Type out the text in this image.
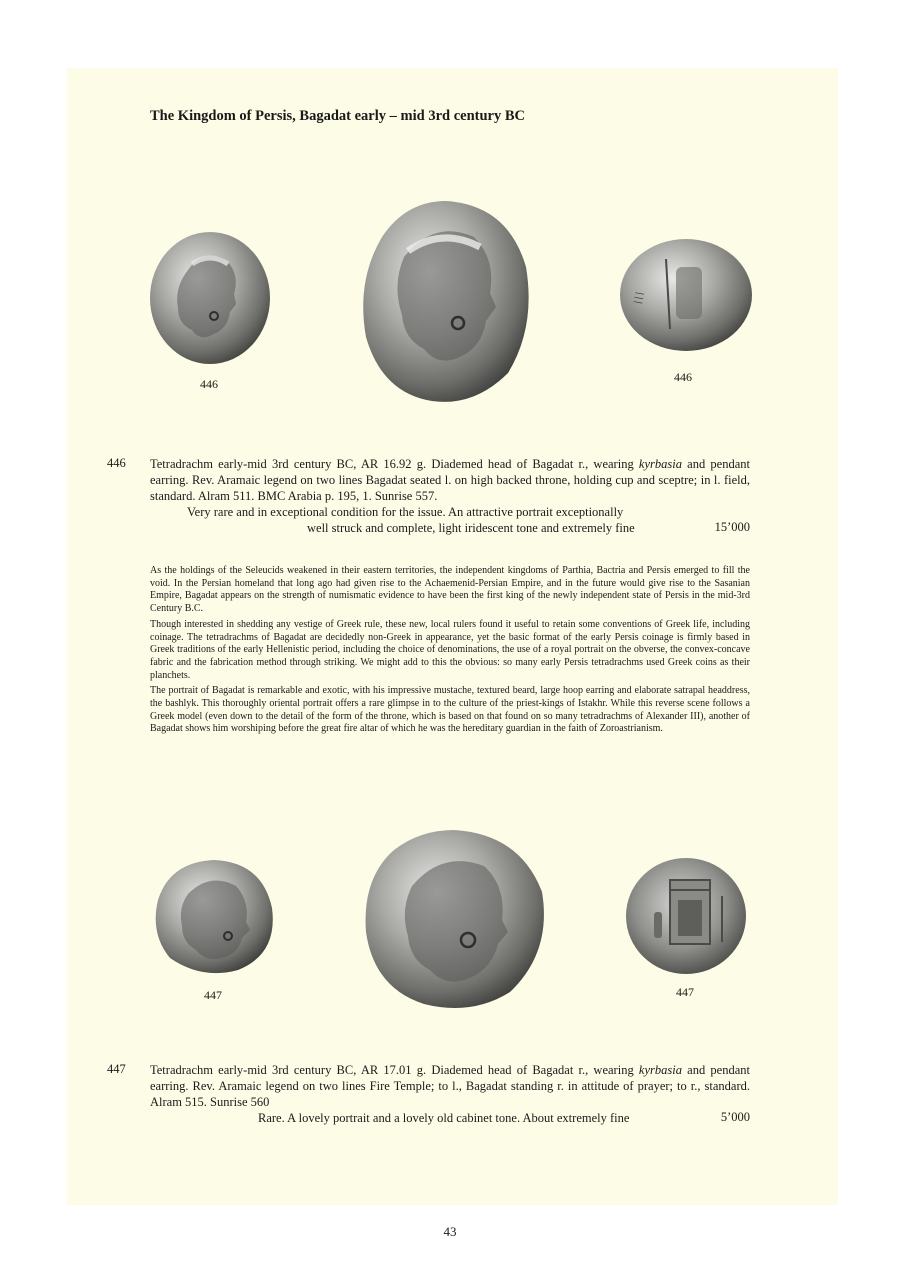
The Kingdom of Persis, Bagadat early – mid 3rd century BC
446
∣∣∣
446
446 Tetradrachm early-mid 3rd century BC, AR 16.92 g. Diademed head of Bagadat r., wearing kyrbasia and pendant earring. Rev. Aramaic legend on two lines Bagadat seated l. on high backed throne, holding cup and sceptre; in l. field, standard. Alram 511. BMC Arabia p. 195, 1. Sunrise 557.
Very rare and in exceptional condition for the issue. An attractive portrait exceptionally
well struck and complete, light iridescent tone and extremely fine	15’000

As the holdings of the Seleucids weakened in their eastern territories, the independent kingdoms of Parthia, Bactria and Persis emerged to fill the void. In the Persian homeland that long ago had given rise to the Achaemenid-Persian Empire, and in the future would give rise to the Sasanian Empire, Bagadat appears on the strength of numismatic evidence to have been the first king of the newly independent state of Persis in the mid-3rd Century B.C.

Though interested in shedding any vestige of Greek rule, these new, local rulers found it useful to retain some conventions of Greek life, including coinage. The tetradrachms of Bagadat are decidedly non-Greek in appearance, yet the basic format of the early Persis coinage is firmly based in Greek traditions of the early Hellenistic period, including the choice of denominations, the use of a royal portrait on the obverse, the convex-concave fabric and the fabrication method through striking. We might add to this the obvious: so many early Persis tetradrachms used Greek coins as their planchets.

The portrait of Bagadat is remarkable and exotic, with his impressive mustache, textured beard, large hoop earring and elaborate satrapal headdress, the bashlyk. This thoroughly oriental portrait offers a rare glimpse in to the culture of the priest-kings of Istakhr. While this reverse scene follows a Greek model (even down to the detail of the form of the throne, which is based on that found on so many tetradrachms of Alexander III), another of Bagadat shows him worshiping before the great fire altar of which he was the hereditary guardian in the faith of Zoroastrianism.

447	447
447 Tetradrachm early-mid 3rd century BC, AR 17.01 g. Diademed head of Bagadat r., wearing kyrbasia and pendant earring. Rev. Aramaic legend on two lines Fire Temple; to l., Bagadat standing r. in attitude of prayer; to r., standard. Alram 515. Sunrise 560
Rare. A lovely portrait and a lovely old cabinet tone. About extremely fine	5’000
43
